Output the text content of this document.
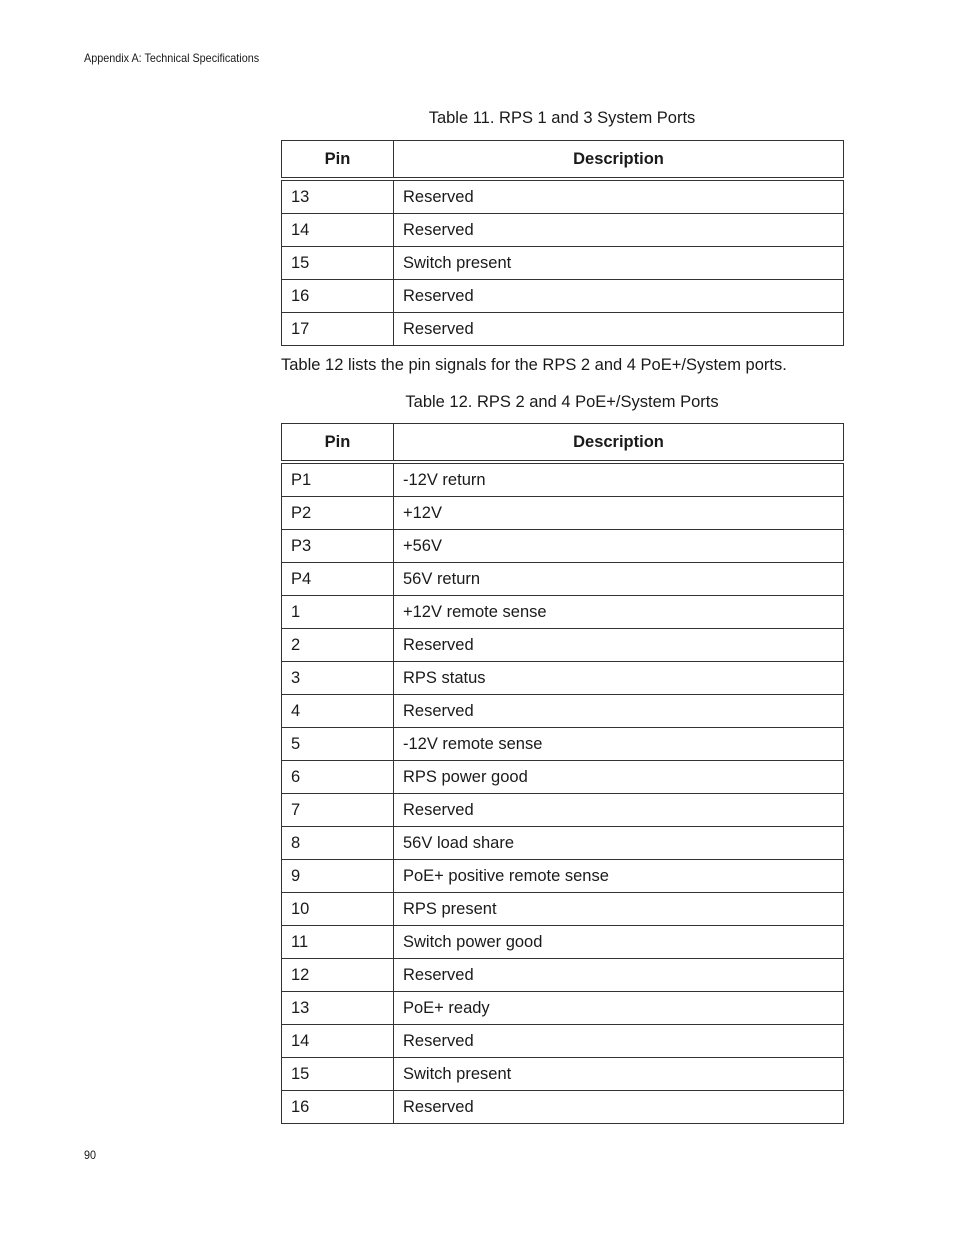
Appendix A: Technical Specifications
Table 11. RPS 1 and 3 System Ports
Pin	Description
13	Reserved
14	Reserved
15	Switch present
16	Reserved
17	Reserved
Table 12 lists the pin signals for the RPS 2 and 4 PoE+/System ports.
Table 12. RPS 2 and 4 PoE+/System Ports
Pin	Description
P1	-12V return
P2	+12V
P3	+56V
P4	56V return
1	+12V remote sense
2	Reserved
3	RPS status
4	Reserved
5	-12V remote sense
6	RPS power good
7	Reserved
8	56V load share
9	PoE+ positive remote sense
10	RPS present
11	Switch power good
12	Reserved
13	PoE+ ready
14	Reserved
15	Switch present
16	Reserved
90
